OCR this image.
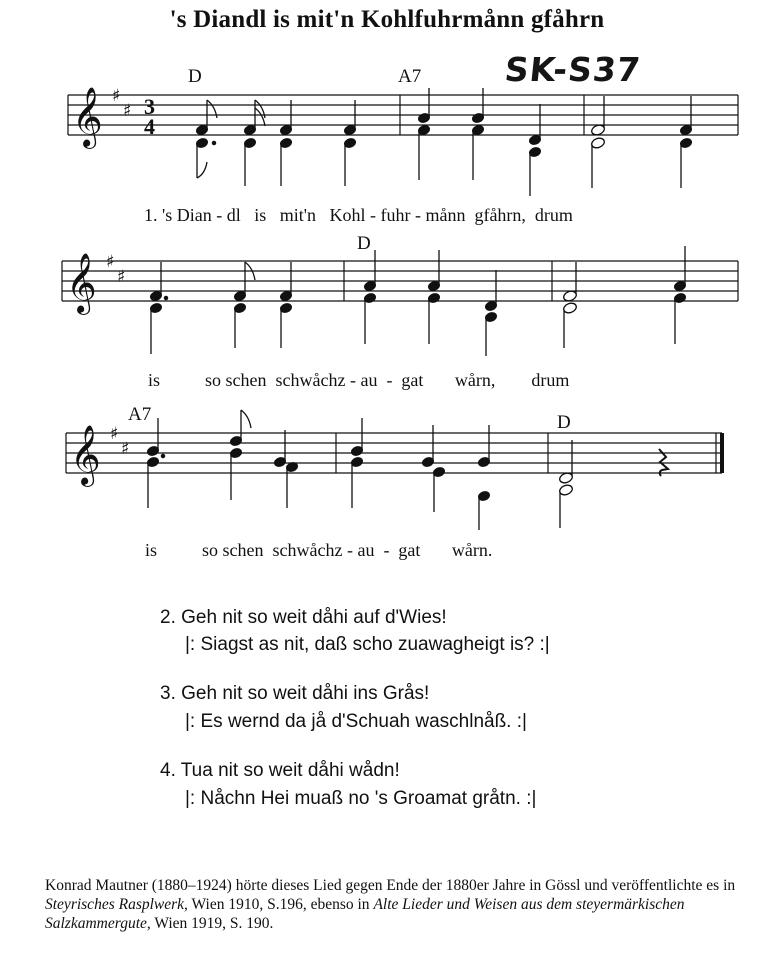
's Diandl is mit'n Kohlfuhrmånn gfåhrn
SK-S37
D	A7
𝄞 ♯
♯ 3
4
1. 's Dian - dl   is   mit'n   Kohl - fuhr - månn  gfåhrn,  drum
D
𝄞 ♯
♯
is          so schen  schwåchz - au  -  gat       wårn,        drum
A7	D
𝄞 ♯
♯
is          so schen  schwåchz - au  -  gat       wårn.
2. Geh nit so weit dåhi auf d'Wies!
|: Siagst as nit, daß scho zuawagheigt is? :|
3. Geh nit so weit dåhi ins Grås!
|: Es wernd da jå d'Schuah waschlnåß. :|
4. Tua nit so weit dåhi wådn!
|: Nåchn Hei muaß no 's Groamat gråtn. :|
Konrad Mautner (1880–1924) hörte dieses Lied gegen Ende der 1880er Jahre in Gössl und veröffentlichte es in Steyrisches Rasplwerk, Wien 1910, S.196, ebenso in Alte Lieder und Weisen aus dem steyermärkischen Salzkammergute, Wien 1919, S. 190.
